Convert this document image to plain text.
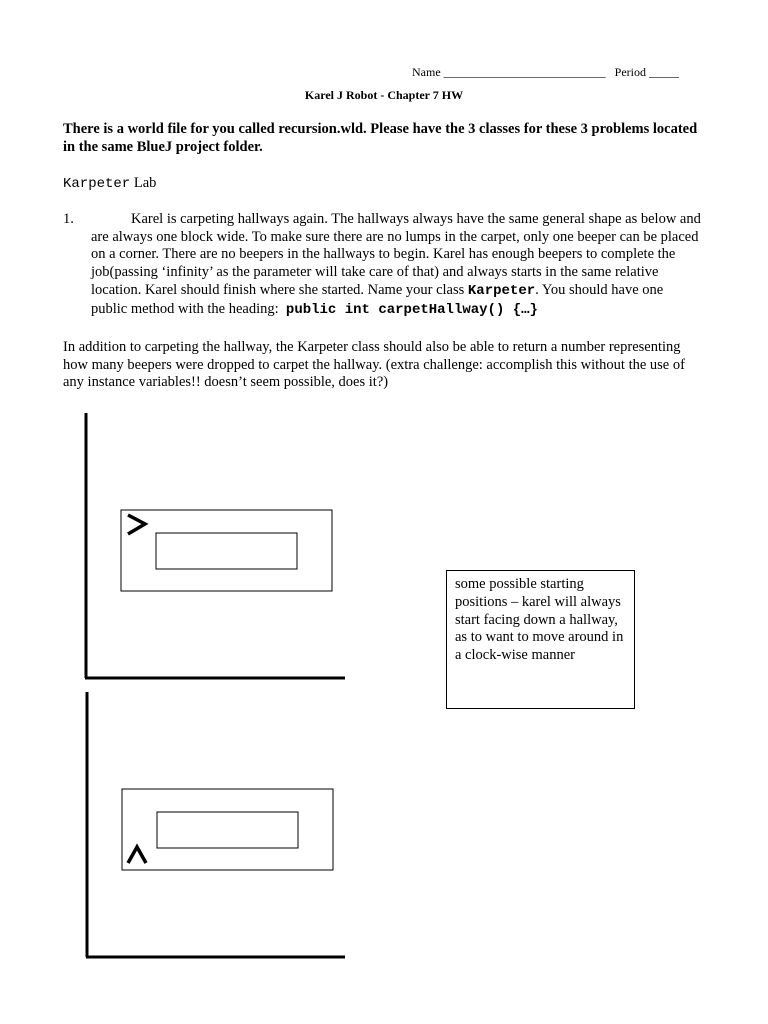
Name ___________________________ Period _____
Karel J Robot - Chapter 7 HW
There is a world file for you called recursion.wld. Please have the 3 classes for these 3 problems located in the same BlueJ project folder.
Karpeter Lab
1.	Karel is carpeting hallways again. The hallways always have the same general shape as below and are always one block wide. To make sure there are no lumps in the carpet, only one beeper can be placed on a corner. There are no beepers in the hallways to begin. Karel has enough beepers to complete the job(passing ‘infinity’ as the parameter will take care of that) and always starts in the same relative location. Karel should finish where she started. Name your class Karpeter. You should have one public method with the heading: public int carpetHallway() {…}
In addition to carpeting the hallway, the Karpeter class should also be able to return a number representing how many beepers were dropped to carpet the hallway. (extra challenge: accomplish this without the use of any instance variables!! doesn’t seem possible, does it?)
some possible starting positions – karel will always start facing down a hallway, as to want to move around in a clock-wise manner
